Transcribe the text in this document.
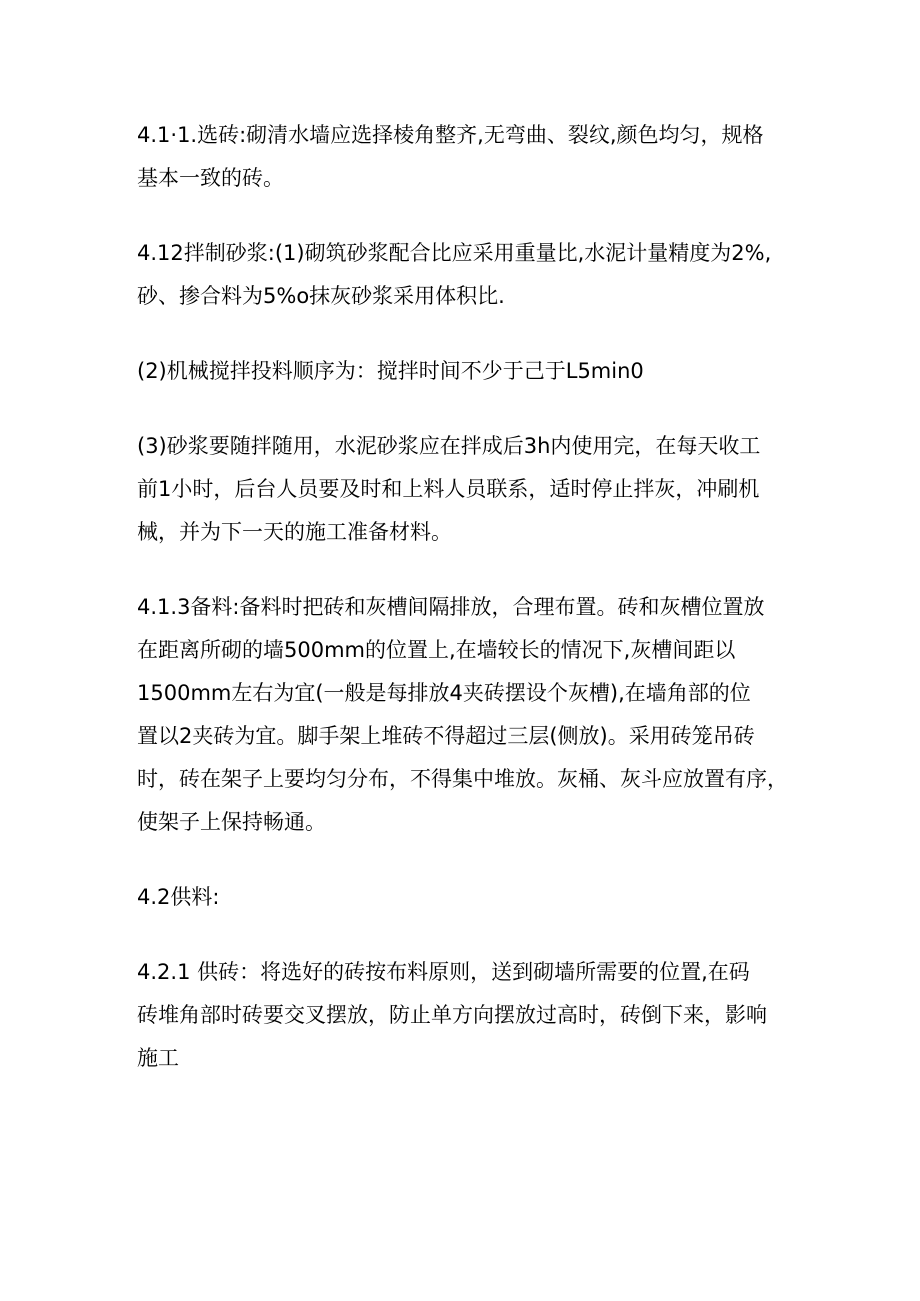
4.1·1.选砖:砌清水墙应选择棱角整齐,无弯曲、裂纹,颜色均匀，规格
基本一致的砖。

4.12拌制砂浆:(1)砌筑砂浆配合比应采用重量比,水泥计量精度为2%,
砂、掺合料为5%o抹灰砂浆采用体积比.

(2)机械搅拌投料顺序为：搅拌时间不少于己于L5min0

(3)砂浆要随拌随用，水泥砂浆应在拌成后3h内使用完，在每天收工
前1小时，后台人员要及时和上料人员联系，适时停止拌灰，冲刷机
械，并为下一天的施工准备材料。

4.1.3备料:备料时把砖和灰槽间隔排放，合理布置。砖和灰槽位置放
在距离所砌的墙500mm的位置上,在墙较长的情况下,灰槽间距以
1500mm左右为宜(一般是每排放4夹砖摆设个灰槽),在墙角部的位
置以2夹砖为宜。脚手架上堆砖不得超过三层(侧放)。采用砖笼吊砖
时，砖在架子上要均匀分布，不得集中堆放。灰桶、灰斗应放置有序，
使架子上保持畅通。

4.2供料:

4.2.1 供砖：将选好的砖按布料原则，送到砌墙所需要的位置,在码
砖堆角部时砖要交叉摆放，防止单方向摆放过高时，砖倒下来，影响
施工
